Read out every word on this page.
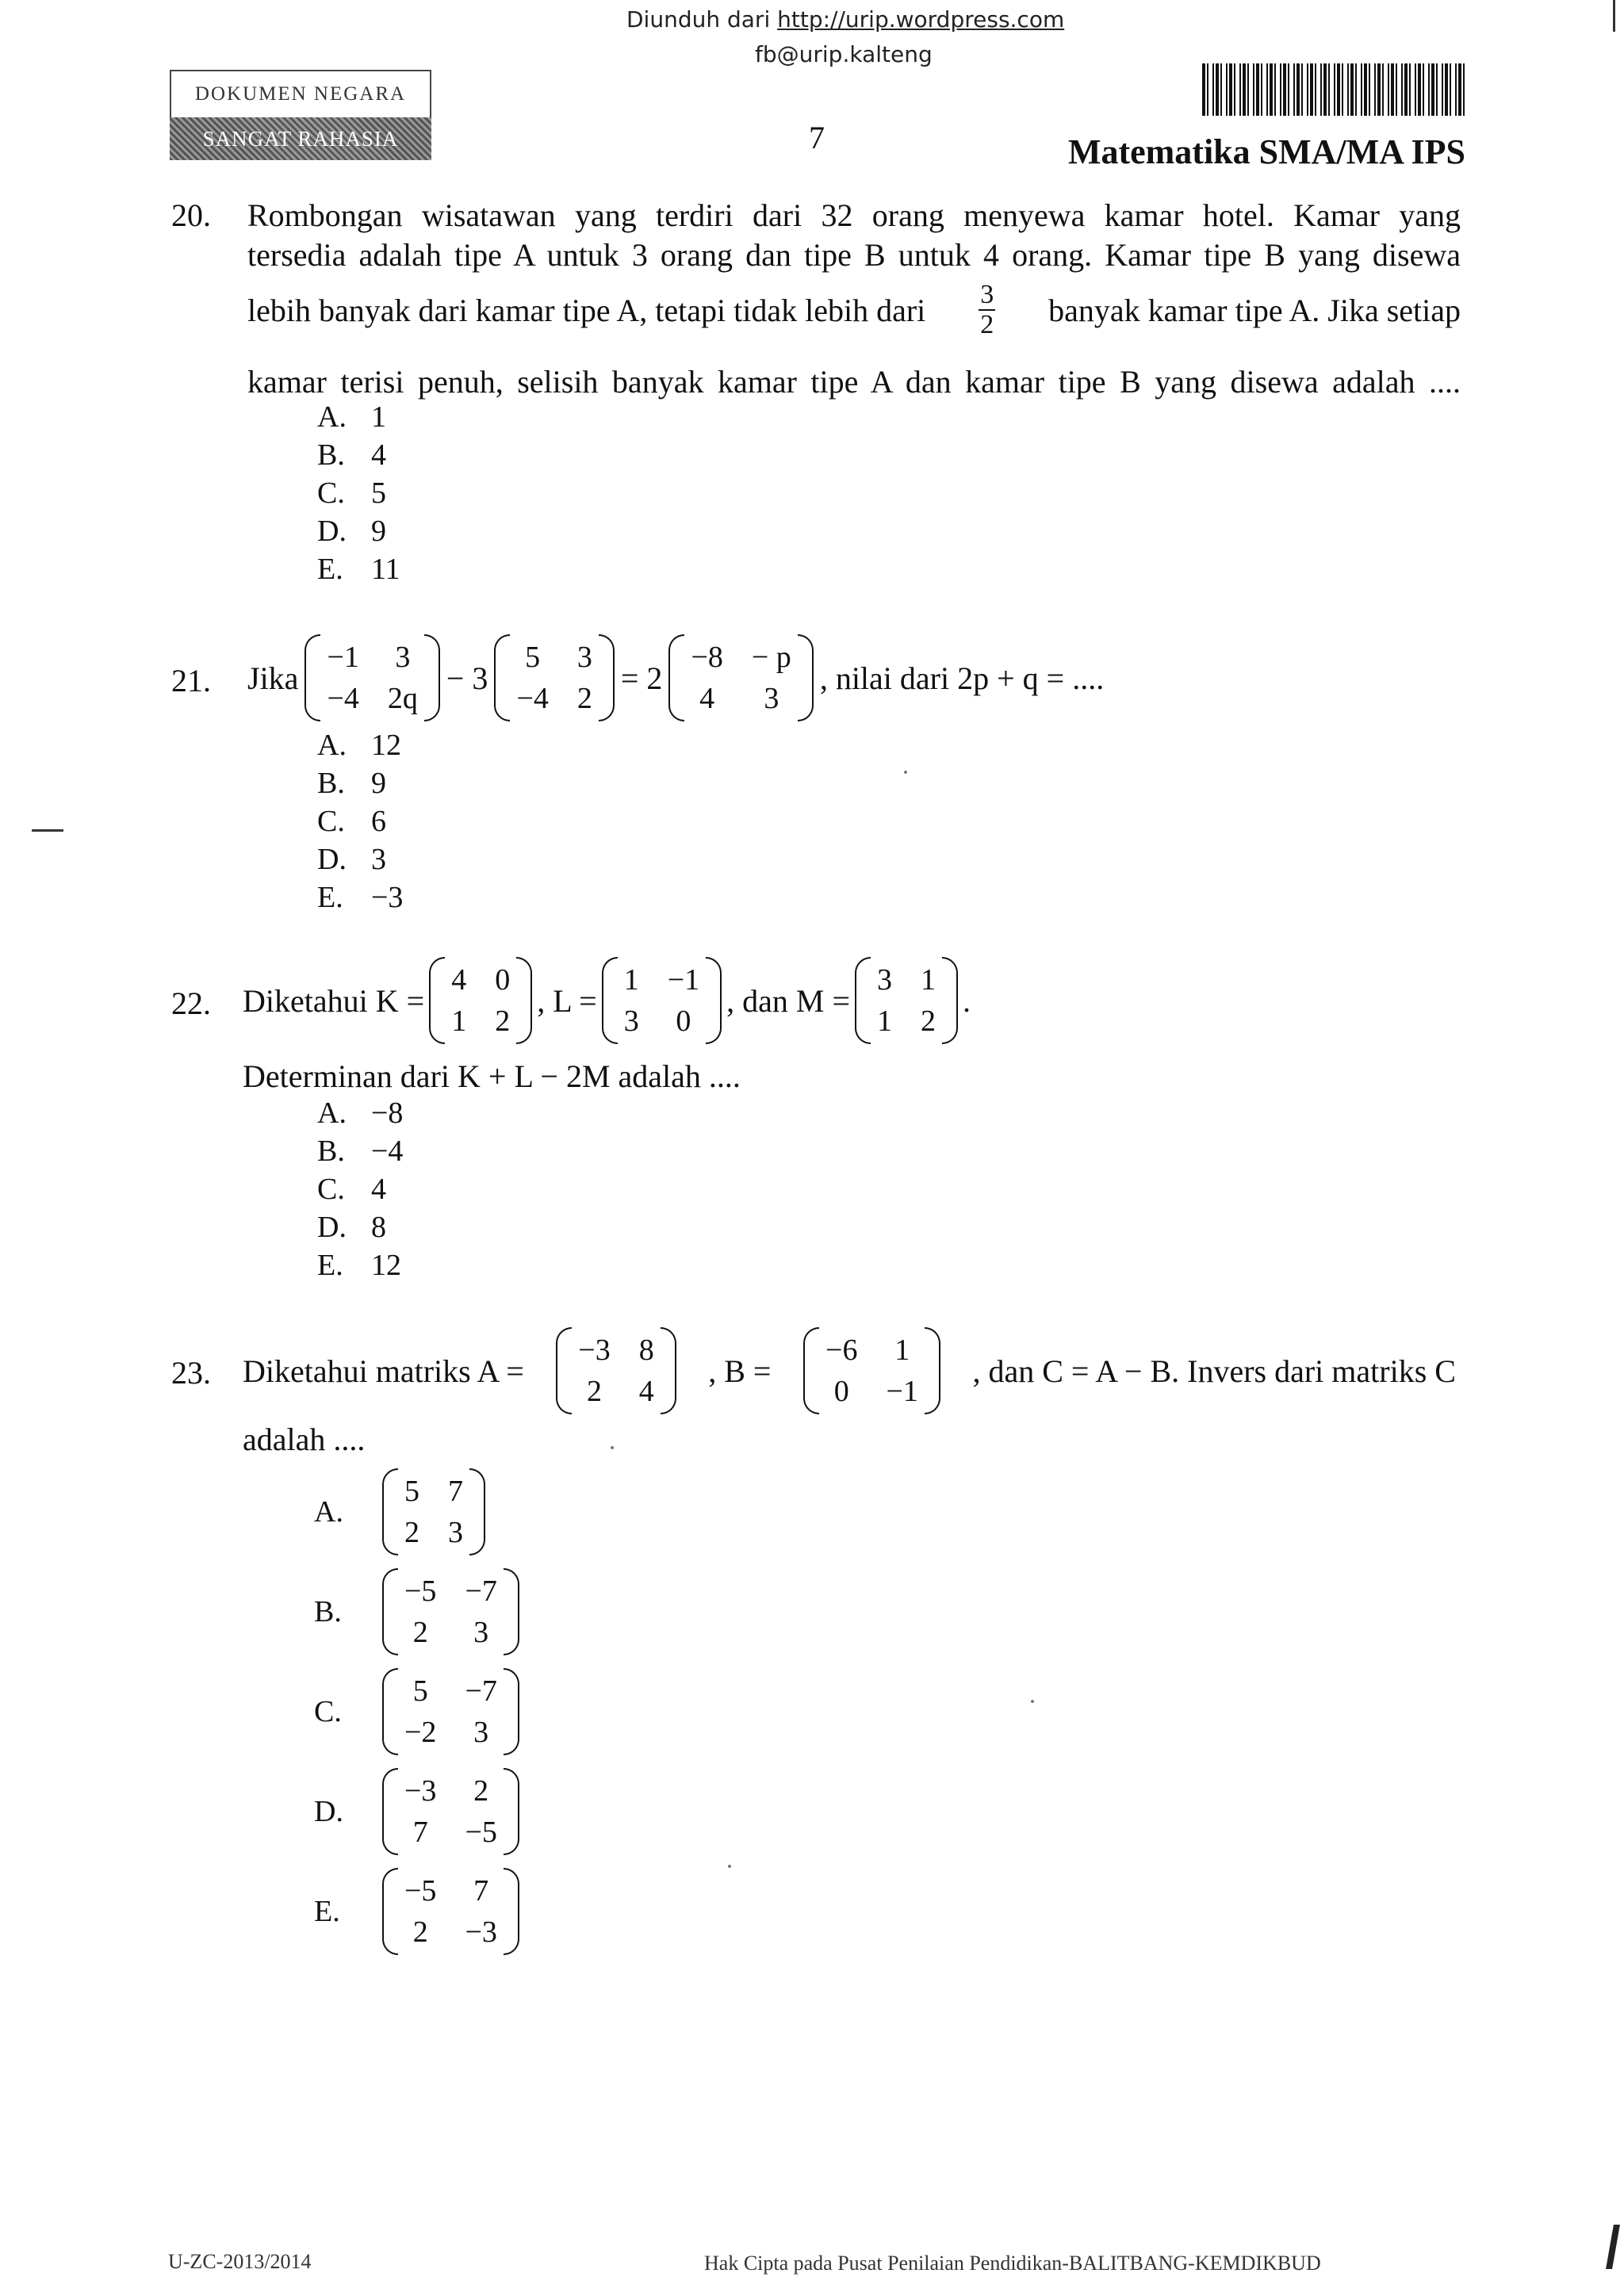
Diunduh dari http://urip.wordpress.com
fb@urip.kalteng
DOKUMEN NEGARA
SANGAT RAHASIA	7	Matematika SMA/MA IPS
20. Rombongan wisatawan yang terdiri dari 32 orang menyewa kamar hotel. Kamar yang
tersedia adalah tipe A untuk 3 orang dan tipe B untuk 4 orang. Kamar tipe B yang disewa
lebih banyak dari kamar tipe A, tetapi tidak lebih dari $\frac{3}{2}$ banyak kamar tipe A. Jika setiap
kamar terisi penuh, selisih banyak kamar tipe A dan kamar tipe B yang disewa adalah ....
A. 1
B. 4
C. 5
D. 9
E. 11
21. Jika
−1 3
−4 2q
− 3
5 3
−4 2
= 2
−8 − p
4	3
, nilai dari 2p + q = ....
A. 12
B. 9
C. 6
D. 3
E. −3
22. Diketahui K =
4 0
1 2
, L =
1 −1
3 0
, dan M =
3 1
1 2
.
Determinan dari K + L − 2M adalah ....
A. −8
B. −4
C. 4
D. 8
E. 12
23. Diketahui matriks A =
−3 8
2 4
, B =
−6 1
0 −1
, dan C = A − B. Invers dari matriks C
adalah ....
A.
5 7
2 3
B.
−5 −7
2 3
C.
5 −7
−2 3
D.
−3 2
7 −5
E.
−5 7
2 −3
U-ZC-2013/2014	Hak Cipta pada Pusat Penilaian Pendidikan-BALITBANG-KEMDIKBUD
